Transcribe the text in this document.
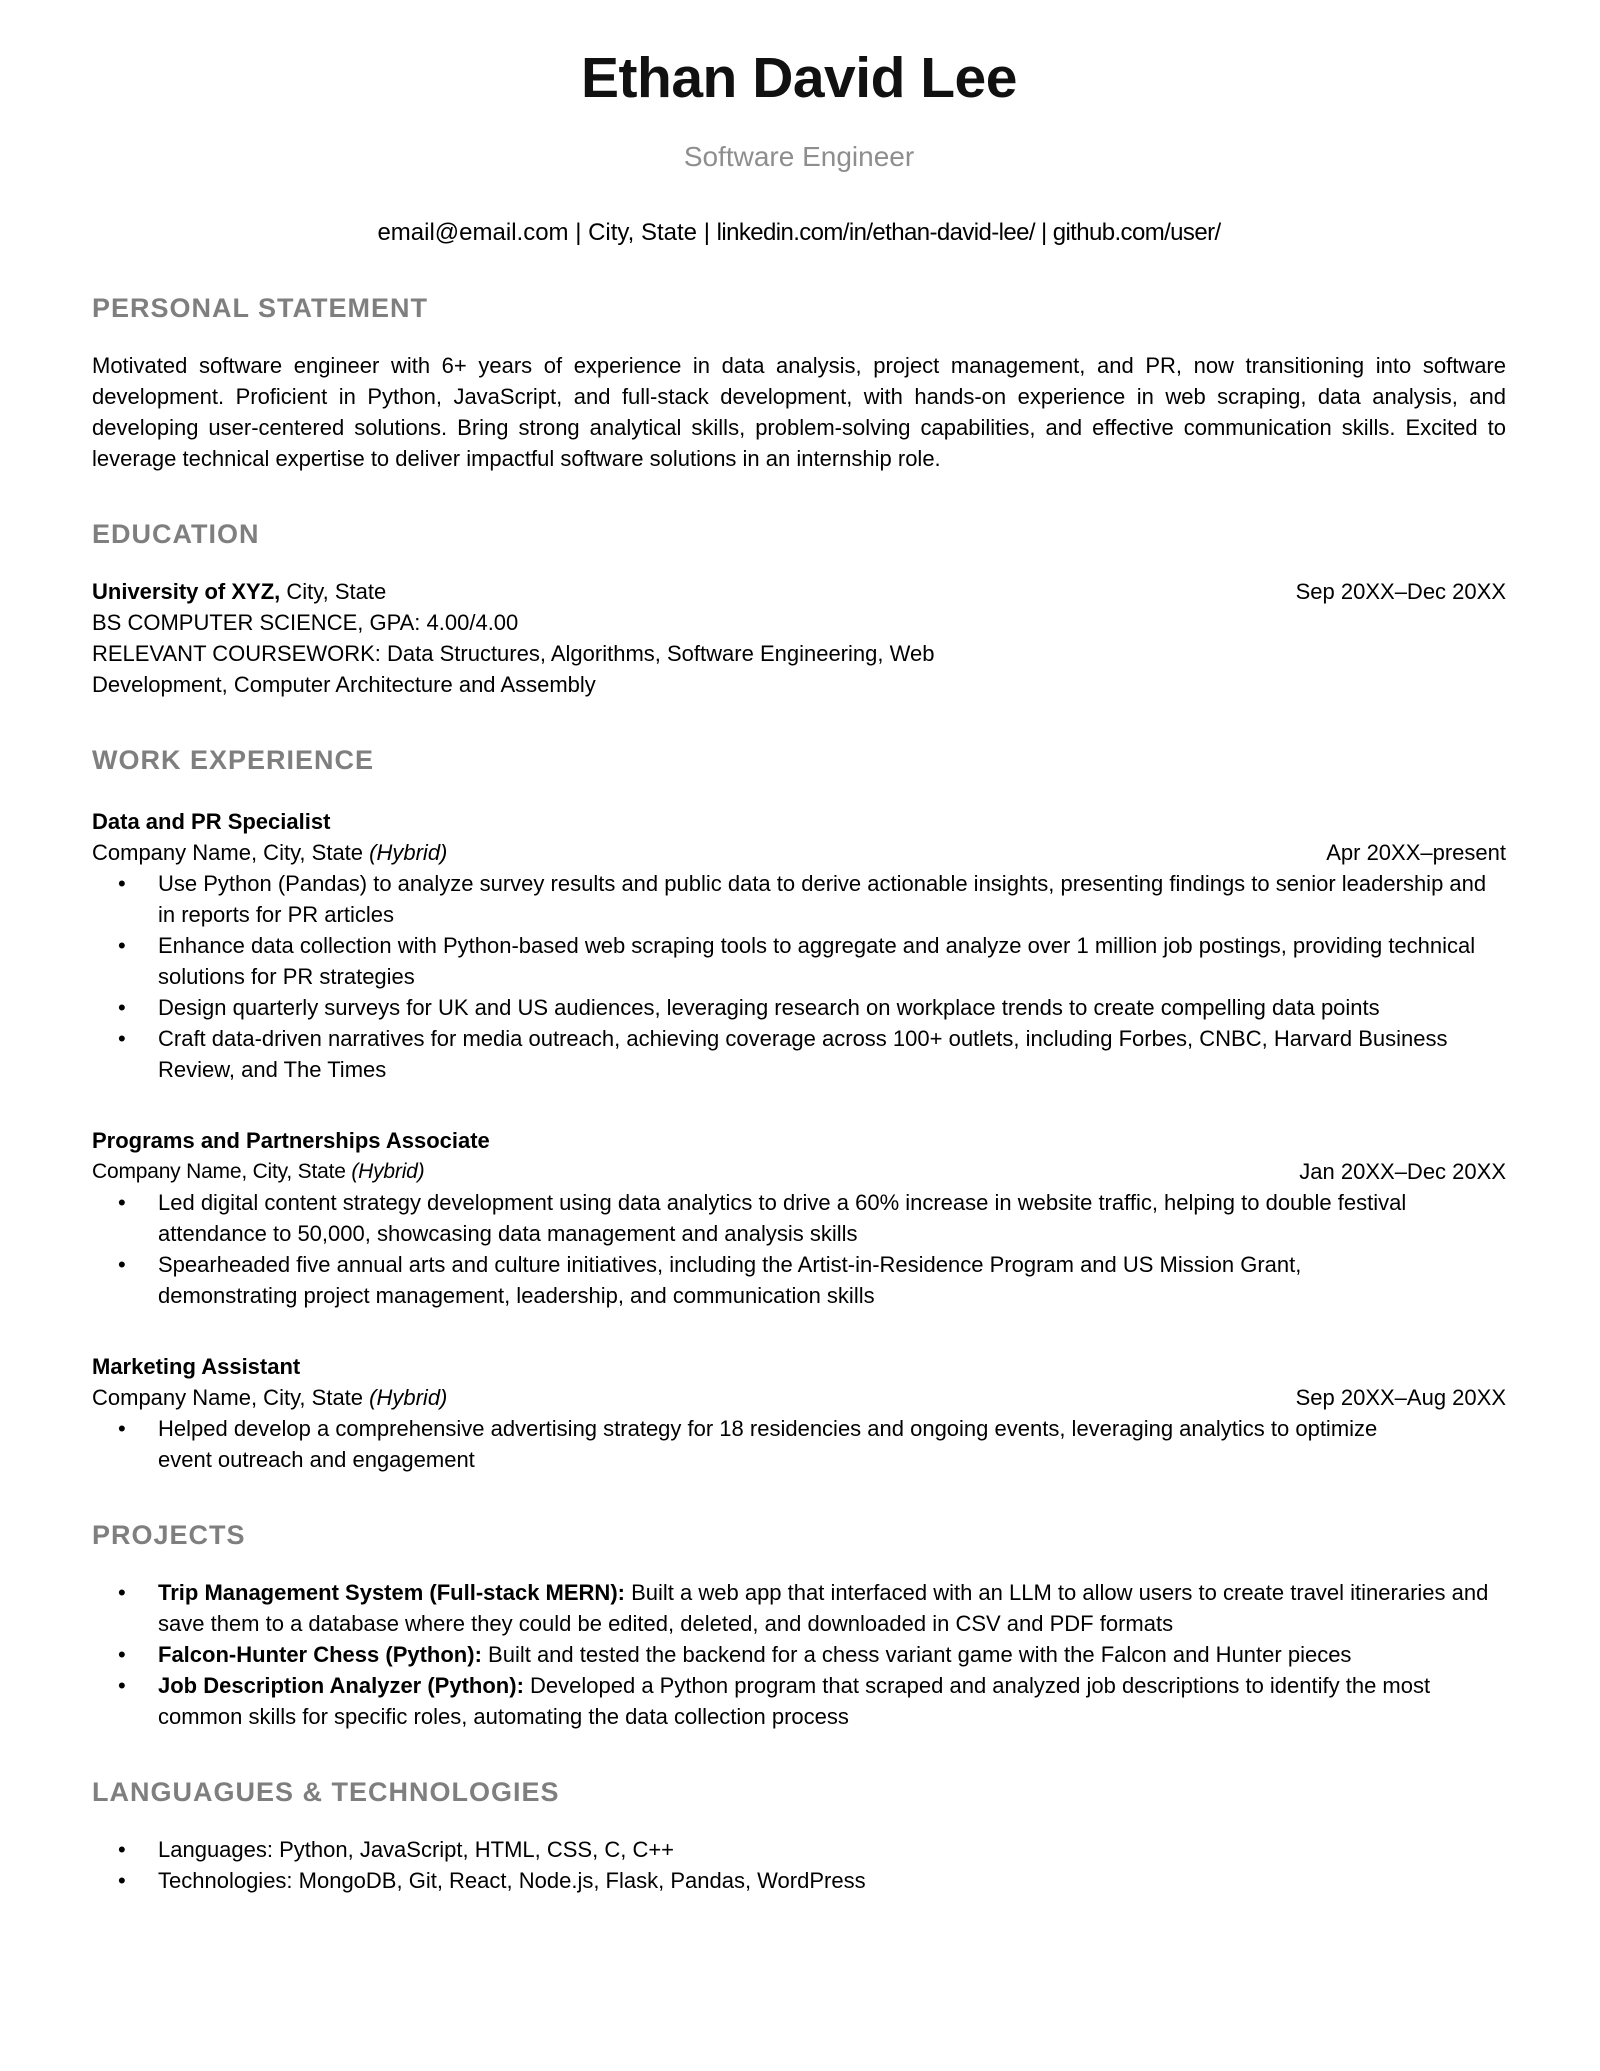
Ethan David Lee
Software Engineer
email@email.com | City, State | linkedin.com/in/ethan-david-lee/ | github.com/user/
PERSONAL STATEMENT

Motivated software engineer with 6+ years of experience in data analysis, project management, and PR, now transitioning into software development. Proficient in Python, JavaScript, and full-stack development, with hands-on experience in web scraping, data analysis, and developing user-centered solutions. Bring strong analytical skills, problem-solving capabilities, and effective communication skills. Excited to leverage technical expertise to deliver impactful software solutions in an internship role.

EDUCATION
University of XYZ, City, State	Sep 20XX–Dec 20XX
BS COMPUTER SCIENCE, GPA: 4.00/4.00
RELEVANT COURSEWORK: Data Structures, Algorithms, Software Engineering, Web Development, Computer Architecture and Assembly
WORK EXPERIENCE
Data and PR Specialist
Company Name, City, State (Hybrid)	Apr 20XX–present
• Use Python (Pandas) to analyze survey results and public data to derive actionable insights, presenting findings to senior leadership and in reports for PR articles
• Enhance data collection with Python-based web scraping tools to aggregate and analyze over 1 million job postings, providing technical solutions for PR strategies
• Design quarterly surveys for UK and US audiences, leveraging research on workplace trends to create compelling data points
• Craft data-driven narratives for media outreach, achieving coverage across 100+ outlets, including Forbes, CNBC, Harvard Business Review, and The Times
Programs and Partnerships Associate
Company Name, City, State (Hybrid)	Jan 20XX–Dec 20XX
• Led digital content strategy development using data analytics to drive a 60% increase in website traffic, helping to double festival attendance to 50,000, showcasing data management and analysis skills
• Spearheaded five annual arts and culture initiatives, including the Artist-in-Residence Program and US Mission Grant, demonstrating project management, leadership, and communication skills
Marketing Assistant
Company Name, City, State (Hybrid)	Sep 20XX–Aug 20XX
• Helped develop a comprehensive advertising strategy for 18 residencies and ongoing events, leveraging analytics to optimize event outreach and engagement
PROJECTS
• Trip Management System (Full-stack MERN): Built a web app that interfaced with an LLM to allow users to create travel itineraries and save them to a database where they could be edited, deleted, and downloaded in CSV and PDF formats
• Falcon-Hunter Chess (Python): Built and tested the backend for a chess variant game with the Falcon and Hunter pieces
• Job Description Analyzer (Python): Developed a Python program that scraped and analyzed job descriptions to identify the most common skills for specific roles, automating the data collection process
LANGUAGUES & TECHNOLOGIES
• Languages: Python, JavaScript, HTML, CSS, C, C++
• Technologies: MongoDB, Git, React, Node.js, Flask, Pandas, WordPress
